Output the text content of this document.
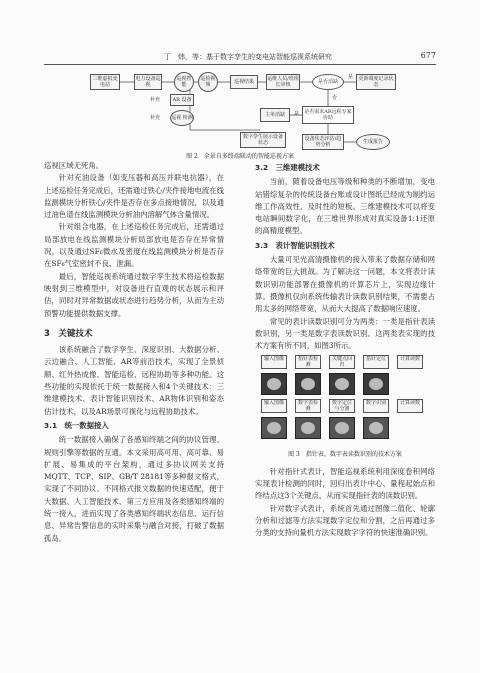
丁　炜，等：基于数字孪生的变电站智能巡视系统研究	677
三维虚拟变电站
电力设备巡视
巡视智能
巡检视频	巡视结果	运维人员/班组长审核	是否消缺
是	更新调度记录状态
补充	AR 设备
补充 巡视 检测	主单消缺
否
是否需求AR远程专家协助
是
数字孪生展示设备状态
设备状态评估/趋势分析	生成报告
图 2　全景自多终端联动的智能巡视方案

巡视区域无死角。

针对充油设备（如变压器和高压并联电抗器），在上述巡检任务完成后，还需通过铁心/夹件接地电流在线监测模块分析铁心/夹件是否存在多点接地情况，以及通过油色谱在线监测模块分析油内溶解气体含量情况。

针对组合电器，在上述巡检任务完成后，还需通过局部放电在线监测模块分析局部放电是否存在异常情况，以及通过SF₆微水及密度在线监测模块分析是否存在SF₆气室密封不良、泄漏。

最后，智能巡视系统通过数字孪生技术将巡检数据映射到三维模型中，对设备进行直观的状态展示和评估，同时对异常数据或状态进行趋势分析，从而为主动预警功能提供数据支撑。

3　关键技术

该系统融合了数字孪生、深度识别、大数据分析、云边融合、人工智能、AR等前沿技术，实现了全景侦顺、红外热成像、智能巡检、远程协助等多种功能。这些功能的实现依托于统一数据接入和4个关键技术：三维建模技术、表计智能识别技术、AR物体识别和姿态估计技术，以及AR场景可视化与远程协助技术。

3.1　统一数据接入

统一数据接入确保了各感知终端之间的协议管理、规则引擎等数据的互通。本文采用高可用、高可靠、易扩展、易集成的平台架构，通过多协议网关支持MQTT、TCP、SIP、GB/T 28181等多种报文格式，实现了不同协议、不同格式报文数据的快速适配，便于大数据、人工智能技术、第三方应用及各类感知终端的统一接入，进而实现了各类感知终端状态信息、运行信息、异常告警信息的实时采集与融合对接，打破了数据孤岛。

3.2　三维建模技术

当前，随着设备电压等级和种类的不断增加，变电站错综复杂的传统设备台账或设计图纸已经成为制约运维工作高效性、及时性的短板。三维建模技术可以将变电站瞬间数字化，在三维世界形成对真实设备1:1还原的高精度模型。

3.3　表计智能识别技术

大量可见光高清摄像机的接入带来了数据存储和网络带宽的巨大挑战。为了解决这一问题，本文将表计读数识别功能部署在摄像机的计算芯片上，实现边缘计算。摄像机仅向系统传输表计读数识别结果，不需要占用太多的网络带宽，从而大大提高了数据响应速度。

常见的表计读数识别可分为两类：一类是指针表读数识别，另一类是数字表读数识别。这两类表实现的技术方案有所不同，如图3所示。

输入图像	指针表检测
关键点回归
指针定位	计算读数
输入图像	数字表检测
数字定位与分割
数字识别	计算读数
图 3　指针表、数字表读数识别的技术方案

针对指针式表计，智能巡视系统利用深度卷积网络实现表计检测的同时，回归出表计中心、量程起始点和终结点这3个关键点，从而实现指针表的读数识别。

针对数字式表计，系统首先通过图像二值化、轮廓分析和过滤等方法实现数字定位和分割，之后再通过多分类的支持向量机方法实现数字字符的快速准确识别。
